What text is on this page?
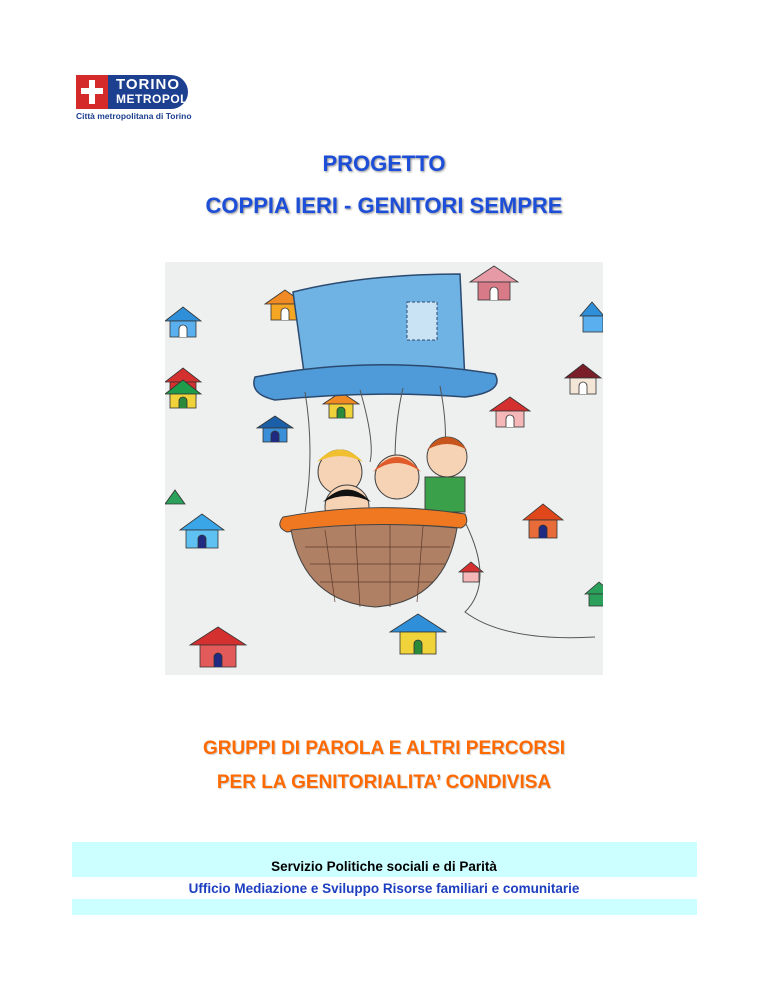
TORINO
METROPOLI
Città metropolitana di Torino
PROGETTO
COPPIA IERI - GENITORI SEMPRE
GRUPPI DI PAROLA E ALTRI PERCORSI
PER LA GENITORIALITA’ CONDIVISA
Servizio Politiche sociali e di Parità
Ufficio Mediazione e Sviluppo Risorse familiari e comunitarie
